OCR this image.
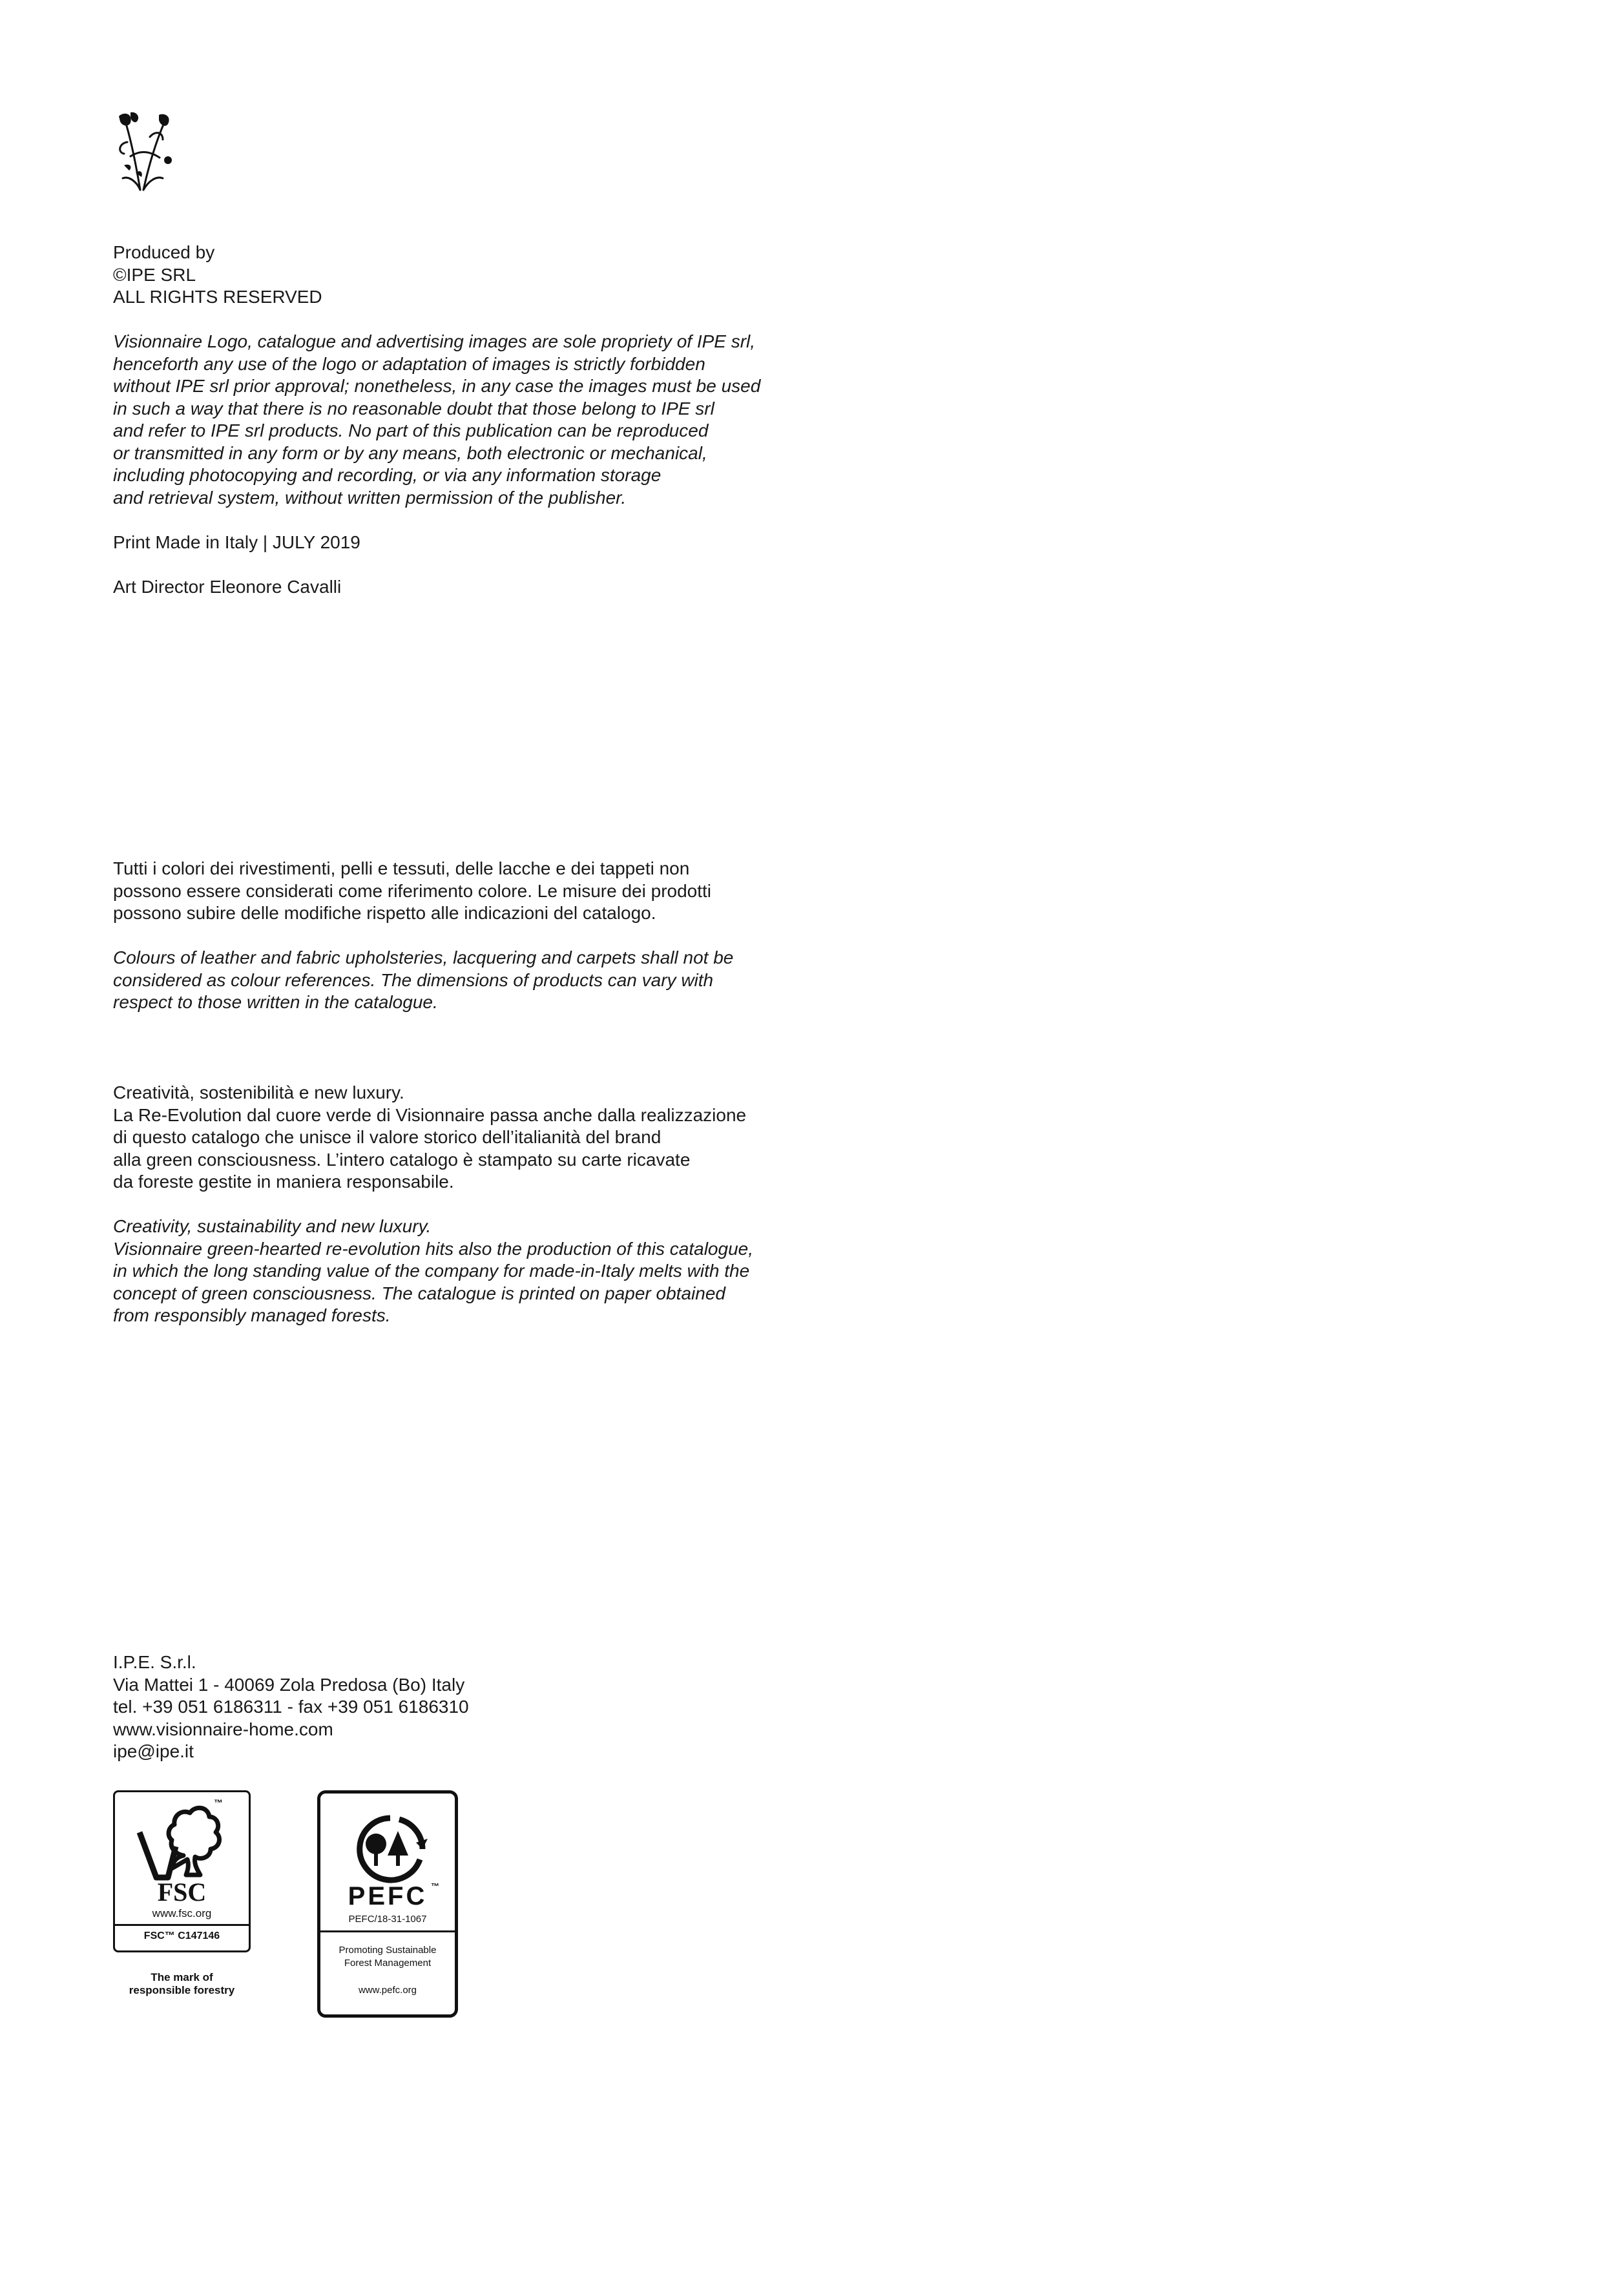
Produced by

©IPE SRL

ALL RIGHTS RESERVED

Visionnaire Logo, catalogue and advertising images are sole propriety of IPE srl,

henceforth any use of the logo or adaptation of images is strictly forbidden

without IPE srl prior approval; nonetheless, in any case the images must be used

in such a way that there is no reasonable doubt that those belong to IPE srl

and refer to IPE srl products. No part of this publication can be reproduced

or transmitted in any form or by any means, both electronic or mechanical,

including photocopying and recording, or via any information storage

and retrieval system, without written permission of the publisher.

Print Made in Italy | JULY 2019

Art Director Eleonore Cavalli

Tutti i colori dei rivestimenti, pelli e tessuti, delle lacche e dei tappeti non

possono essere considerati come riferimento colore. Le misure dei prodotti

possono subire delle modifiche rispetto alle indicazioni del catalogo.

Colours of leather and fabric upholsteries, lacquering and carpets shall not be

considered as colour references. The dimensions of products can vary with

respect to those written in the catalogue.

Creatività, sostenibilità e new luxury.

La Re-Evolution dal cuore verde di Visionnaire passa anche dalla realizzazione

di questo catalogo che unisce il valore storico dell’italianità del brand

alla green consciousness. L’intero catalogo è stampato su carte ricavate

da foreste gestite in maniera responsabile.

Creativity, sustainability and new luxury.

Visionnaire green-hearted re-evolution hits also the production of this catalogue,

in which the long standing value of the company for made-in-Italy melts with the

concept of green consciousness. The catalogue is printed on paper obtained

from responsibly managed forests.

I.P.E. S.r.l.

Via Mattei 1 - 40069 Zola Predosa (Bo) Italy

tel. +39 051 6186311 - fax +39 051 6186310

www.visionnaire-home.com

ipe@ipe.it

™
FSC
www.fsc.org
FSC™ C147146
The mark of
responsible forestry
PEFC ™
PEFC/18-31-1067
Promoting Sustainable
Forest Management
www.pefc.org
